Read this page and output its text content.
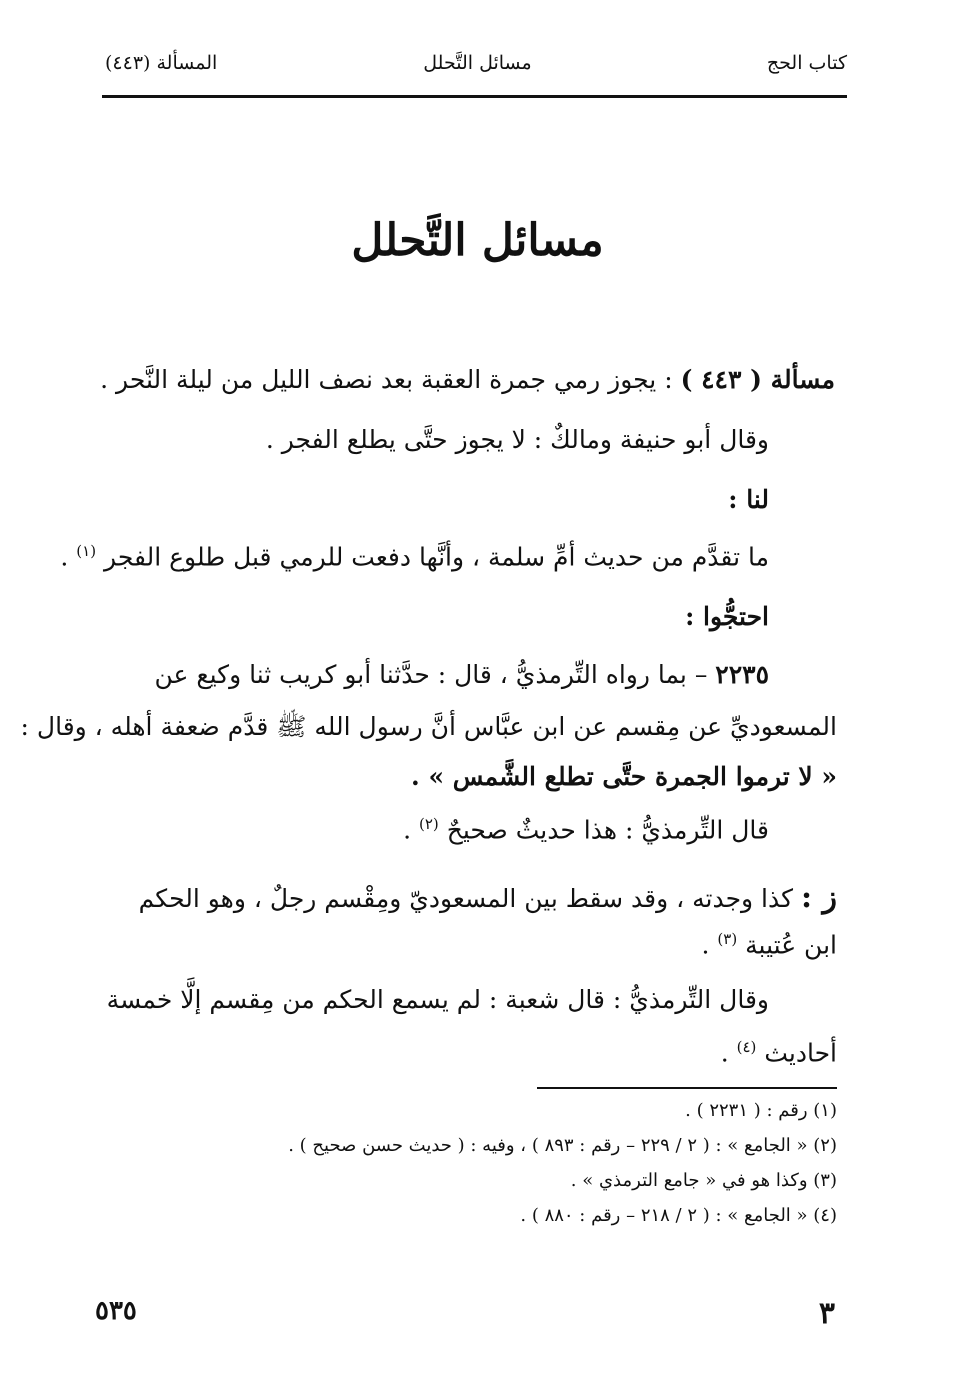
كتاب الحج
مسائل التَّحلل
المسألة (٤٤٣)
مسائل التَّحلل
مسألة ( ٤٤٣ ) : يجوز رمي جمرة العقبة بعد نصف الليل من ليلة النَّحر .
وقال أبو حنيفة ومالكٌ : لا يجوز حتَّى يطلع الفجر .
لنا :
ما تقدَّم من حديث أمِّ سلمة ، وأنَّها دفعت للرمي قبل طلوع الفجر $^{(١)}$ .
احتجُّوا :
٢٢٣٥ – بما رواه التِّرمذيُّ ، قال : حدَّثنا أبو كريب ثنا وكيع عن
المسعوديِّ عن مِقسم عن ابن عبَّاس أنَّ رسول الله ﷺ قدَّم ضعفة أهله ، وقال :
« لا ترموا الجمرة حتَّى تطلع الشَّمس » .
قال التِّرمذيُّ : هذا حديثٌ صحيحٌ $^{(٢)}$ .
ز : كذا وجدته ، وقد سقط بين المسعوديّ ومِقْسم رجلٌ ، وهو الحكم
ابن عُتيبة $^{(٣)}$ .
وقال التِّرمذيُّ : قال شعبة : لم يسمع الحكم من مِقسم إلَّا خمسة
أحاديث $^{(٤)}$ .
(١) رقم : ( ٢٢٣١ ) .
(٢) « الجامع » : ( ٢ / ٢٢٩ – رقم : ٨٩٣ ) ، وفيه : ( حديث حسن صحيح ) .
(٣) وكذا هو في « جامع الترمذي » .
(٤) « الجامع » : ( ٢ / ٢١٨ – رقم : ٨٨٠ ) .
٣
٥٣٥
